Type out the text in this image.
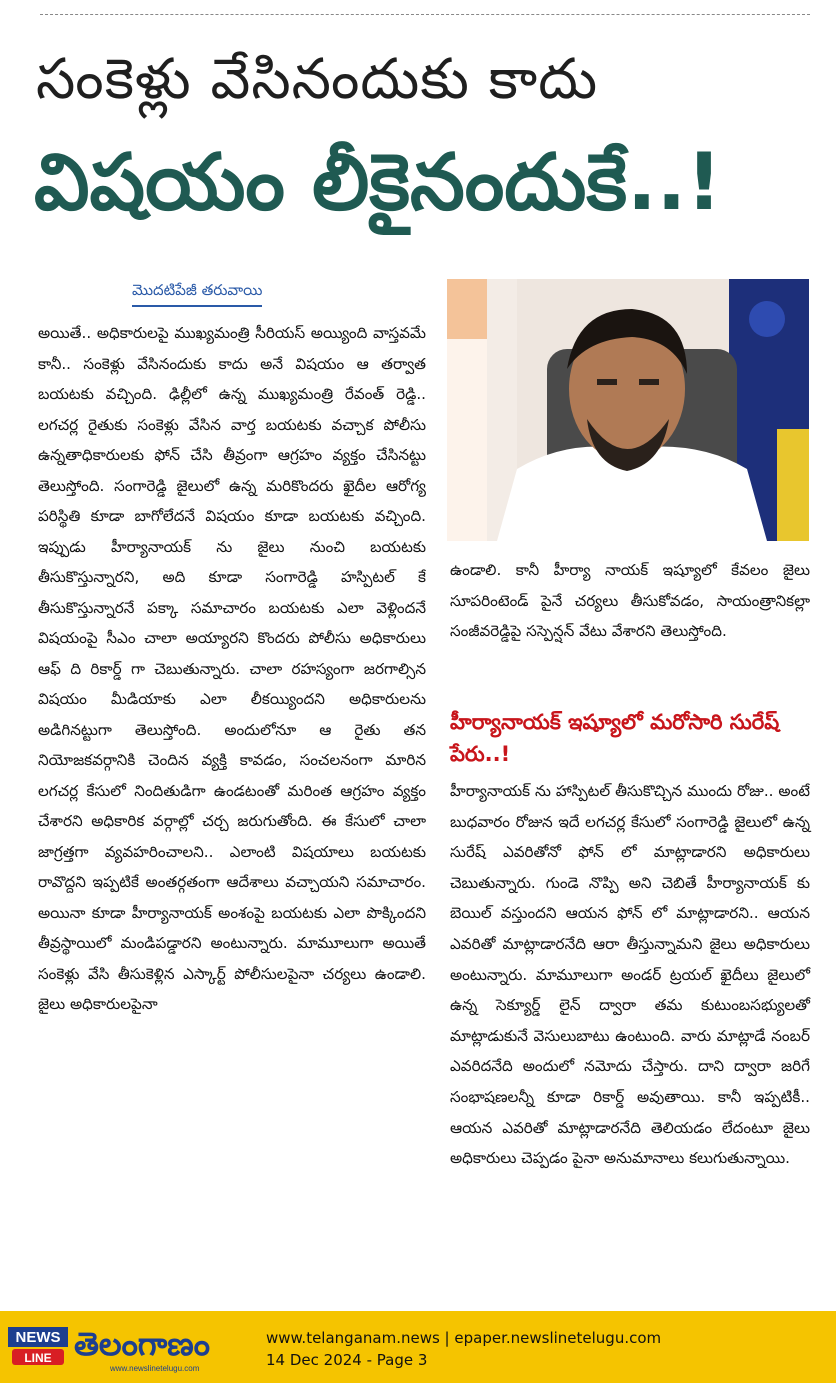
సంకెళ్లు వేసినందుకు కాదు
విషయం లీకైనందుకే..!
మొదటిపేజీ తరువాయి

అయితే.. అధికారులపై ముఖ్యమంత్రి సీరియస్ అయ్యింది వాస్తవమే కానీ.. సంకెళ్లు వేసినందుకు కాదు అనే విషయం ఆ తర్వాత బయటకు వచ్చింది. ఢిల్లీలో ఉన్న ముఖ్యమంత్రి రేవంత్ రెడ్డి.. లగచర్ల రైతుకు సంకెళ్లు వేసిన వార్త బయటకు వచ్చాక పోలీసు ఉన్నతాధికారులకు ఫోన్ చేసి తీవ్రంగా ఆగ్రహం వ్యక్తం చేసినట్టు తెలుస్తోంది. సంగారెడ్డి జైలులో ఉన్న మరికొందరు ఖైదీల ఆరోగ్య పరిస్థితి కూడా బాగోలేదనే విషయం కూడా బయటకు వచ్చింది. ఇప్పుడు హీర్యానాయక్ ను జైలు నుంచి బయటకు తీసుకొస్తున్నారని, అది కూడా సంగారెడ్డి హస్పిటల్ కే తీసుకొస్తున్నారనే పక్కా సమాచారం బయటకు ఎలా వెళ్లిందనే విషయంపై సీఎం చాలా అయ్యారని కొందరు పోలీసు అధికారులు ఆఫ్ ది రికార్డ్ గా చెబుతున్నారు. చాలా రహస్యంగా జరగాల్సిన విషయం మీడియాకు ఎలా లీకయ్యిందని అధికారులను అడిగినట్టుగా తెలుస్తోంది. అందులోనూ ఆ రైతు తన నియోజకవర్గానికి చెందిన వ్యక్తి కావడం, సంచలనంగా మారిన లగచర్ల కేసులో నిందితుడిగా ఉండటంతో మరింత ఆగ్రహం వ్యక్తం చేశారని అధికారిక వర్గాల్లో చర్చ జరుగుతోంది. ఈ కేసులో చాలా జాగ్రత్తగా వ్యవహరించాలని.. ఎలాంటి విషయాలు బయటకు రావొద్దని ఇప్పటికే అంతర్గతంగా ఆదేశాలు వచ్చాయని సమాచారం. అయినా కూడా హీర్యానాయక్ అంశంపై బయటకు ఎలా పొక్కిందని తీవ్రస్థాయిలో మండిపడ్డారని అంటున్నారు. మామూలుగా అయితే సంకెళ్లు వేసి తీసుకెళ్లిన ఎస్కార్ట్ పోలీసులపైనా చర్యలు ఉండాలి. జైలు అధికారులపైనా

ఉండాలి. కానీ హీర్యా నాయక్ ఇష్యూలో కేవలం జైలు సూపరింటెండ్ పైనే చర్యలు తీసుకోవడం, సాయంత్రానికల్లా సంజీవరెడ్డిపై సస్పెన్షన్ వేటు వేశారని తెలుస్తోంది.

హీర్యానాయక్ ఇష్యూలో మరోసారి సురేష్ పేరు..!

హీర్యానాయక్ ను హాస్పిటల్ తీసుకొచ్చిన ముందు రోజు.. అంటే బుధవారం రోజున ఇదే లగచర్ల కేసులో సంగారెడ్డి జైలులో ఉన్న సురేష్ ఎవరితోనో ఫోన్ లో మాట్లాడారని అధికారులు చెబుతున్నారు. గుండె నొప్పి అని చెబితే హీర్యానాయక్ కు బెయిల్ వస్తుందని ఆయన ఫోన్ లో మాట్లాడారని.. ఆయన ఎవరితో మాట్లాడారనేది ఆరా తీస్తున్నామని జైలు అధికారులు అంటున్నారు. మామూలుగా అండర్ ట్రయల్ ఖైదీలు జైలులో ఉన్న సెక్యూర్డ్ లైన్ ద్వారా తమ కుటుంబసభ్యులతో మాట్లాడుకునే వెసులుబాటు ఉంటుంది. వారు మాట్లాడే నంబర్ ఎవరిదనేది అందులో నమోదు చేస్తారు. దాని ద్వారా జరిగే సంభాషణలన్నీ కూడా రికార్డ్ అవుతాయి. కానీ ఇప్పటికీ.. ఆయన ఎవరితో మాట్లాడారనేది తెలియడం లేదంటూ జైలు అధికారులు చెప్పడం పైనా అనుమానాలు కలుగుతున్నాయి.

NEWS
LINE తెలంగాణం
www.newslinetelugu.com
www.telanganam.news | epaper.newslinetelugu.com
14 Dec 2024 - Page 3
